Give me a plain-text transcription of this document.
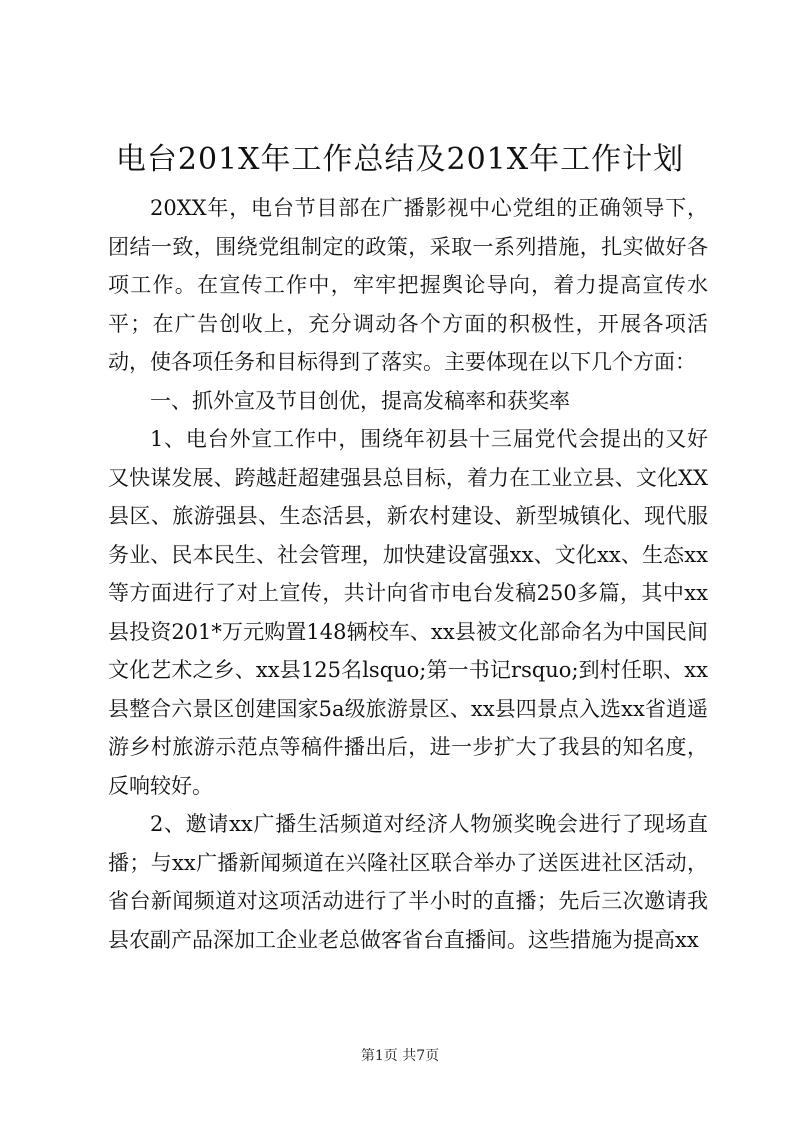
电台201X年工作总结及201X年工作计划

20XX年，电台节目部在广播影视中心党组的正确领导下，团结一致，围绕党组制定的政策，采取一系列措施，扎实做好各项工作。在宣传工作中，牢牢把握舆论导向，着力提高宣传水平；在广告创收上，充分调动各个方面的积极性，开展各项活动，使各项任务和目标得到了落实。主要体现在以下几个方面：

一、抓外宣及节目创优，提高发稿率和获奖率

1、电台外宣工作中，围绕年初县十三届党代会提出的又好又快谋发展、跨越赶超建强县总目标，着力在工业立县、文化XX县区、旅游强县、生态活县，新农村建设、新型城镇化、现代服务业、民本民生、社会管理，加快建设富强xx、文化xx、生态xx等方面进行了对上宣传，共计向省市电台发稿250多篇，其中xx县投资201*万元购置148辆校车、xx县被文化部命名为中国民间文化艺术之乡、xx县125名lsquo;第一书记rsquo;到村任职、xx县整合六景区创建国家5a级旅游景区、xx县四景点入选xx省逍遥游乡村旅游示范点等稿件播出后，进一步扩大了我县的知名度，反响较好。

2、邀请xx广播生活频道对经济人物颁奖晚会进行了现场直播；与xx广播新闻频道在兴隆社区联合举办了送医进社区活动，省台新闻频道对这项活动进行了半小时的直播；先后三次邀请我县农副产品深加工企业老总做客省台直播间。这些措施为提高xx

第1页 共7页
